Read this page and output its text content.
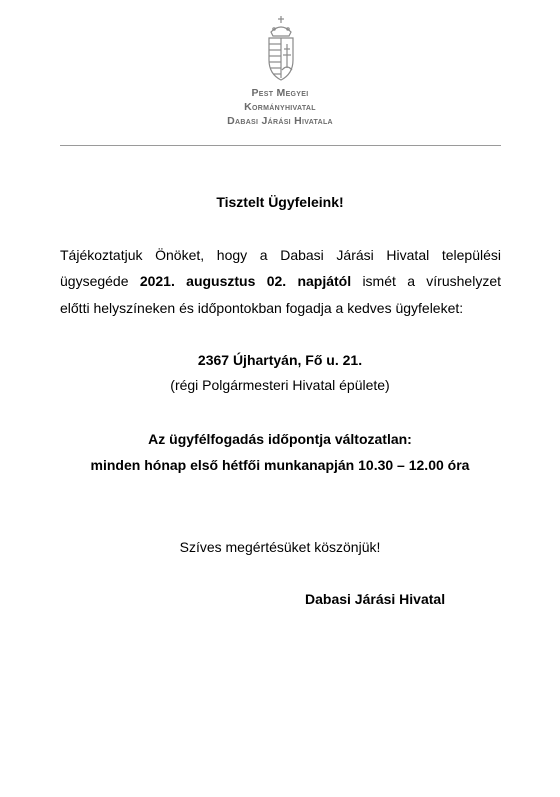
Pest Megyei
Kormányhivatal
Dabasi Járási Hivatala
Tisztelt Ügyfeleink!
Tájékoztatjuk Önöket, hogy a Dabasi Járási Hivatal települési
ügysegéde 2021. augusztus 02. napjától ismét a vírushelyzet
előtti helyszíneken és időpontokban fogadja a kedves ügyfeleket:
2367 Újhartyán, Fő u. 21.
(régi Polgármesteri Hivatal épülete)
Az ügyfélfogadás időpontja változatlan:
minden hónap első hétfői munkanapján 10.30 – 12.00 óra
Szíves megértésüket köszönjük!
Dabasi Járási Hivatal
